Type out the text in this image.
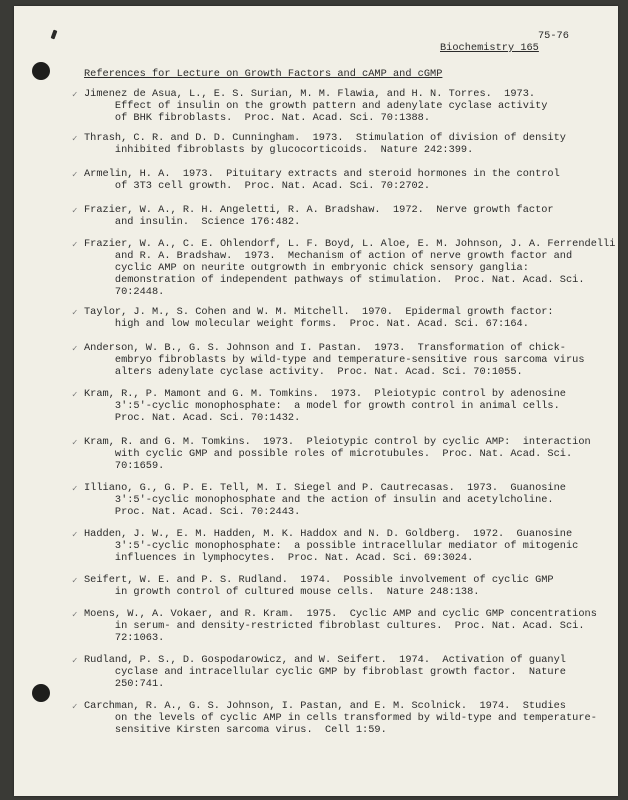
75-76
Biochemistry 165
References for Lecture on Growth Factors and cAMP and cGMP
Jimenez de Asua, L., E. S. Surian, M. M. Flawia, and H. N. Torres.  1973.
Effect of insulin on the growth pattern and adenylate cyclase activity
of BHK fibroblasts.  Proc. Nat. Acad. Sci. 70:1388.
✓
Thrash, C. R. and D. D. Cunningham.  1973.  Stimulation of division of density
inhibited fibroblasts by glucocorticoids.  Nature 242:399.
✓
Armelin, H. A.  1973.  Pituitary extracts and steroid hormones in the control
of 3T3 cell growth.  Proc. Nat. Acad. Sci. 70:2702.
✓
Frazier, W. A., R. H. Angeletti, R. A. Bradshaw.  1972.  Nerve growth factor
and insulin.  Science 176:482.
✓
Frazier, W. A., C. E. Ohlendorf, L. F. Boyd, L. Aloe, E. M. Johnson, J. A. Ferrendelli
and R. A. Bradshaw.  1973.  Mechanism of action of nerve growth factor and
cyclic AMP on neurite outgrowth in embryonic chick sensory ganglia:
demonstration of independent pathways of stimulation.  Proc. Nat. Acad. Sci.
70:2448.
✓
Taylor, J. M., S. Cohen and W. M. Mitchell.  1970.  Epidermal growth factor:
high and low molecular weight forms.  Proc. Nat. Acad. Sci. 67:164.
✓
Anderson, W. B., G. S. Johnson and I. Pastan.  1973.  Transformation of chick-
embryo fibroblasts by wild-type and temperature-sensitive rous sarcoma virus
alters adenylate cyclase activity.  Proc. Nat. Acad. Sci. 70:1055.
✓
Kram, R., P. Mamont and G. M. Tomkins.  1973.  Pleiotypic control by adenosine
3':5'-cyclic monophosphate:  a model for growth control in animal cells.
Proc. Nat. Acad. Sci. 70:1432.
✓
Kram, R. and G. M. Tomkins.  1973.  Pleiotypic control by cyclic AMP:  interaction
with cyclic GMP and possible roles of microtubules.  Proc. Nat. Acad. Sci.
70:1659.
✓
Illiano, G., G. P. E. Tell, M. I. Siegel and P. Cautrecasas.  1973.  Guanosine
3':5'-cyclic monophosphate and the action of insulin and acetylcholine.
Proc. Nat. Acad. Sci. 70:2443.
✓
Hadden, J. W., E. M. Hadden, M. K. Haddox and N. D. Goldberg.  1972.  Guanosine
3':5'-cyclic monophosphate:  a possible intracellular mediator of mitogenic
influences in lymphocytes.  Proc. Nat. Acad. Sci. 69:3024.
✓
Seifert, W. E. and P. S. Rudland.  1974.  Possible involvement of cyclic GMP
in growth control of cultured mouse cells.  Nature 248:138.
✓
Moens, W., A. Vokaer, and R. Kram.  1975.  Cyclic AMP and cyclic GMP concentrations
in serum- and density-restricted fibroblast cultures.  Proc. Nat. Acad. Sci.
72:1063.
✓
Rudland, P. S., D. Gospodarowicz, and W. Seifert.  1974.  Activation of guanyl
cyclase and intracellular cyclic GMP by fibroblast growth factor.  Nature
250:741.
✓
Carchman, R. A., G. S. Johnson, I. Pastan, and E. M. Scolnick.  1974.  Studies
on the levels of cyclic AMP in cells transformed by wild-type and temperature-
sensitive Kirsten sarcoma virus.  Cell 1:59.
✓
